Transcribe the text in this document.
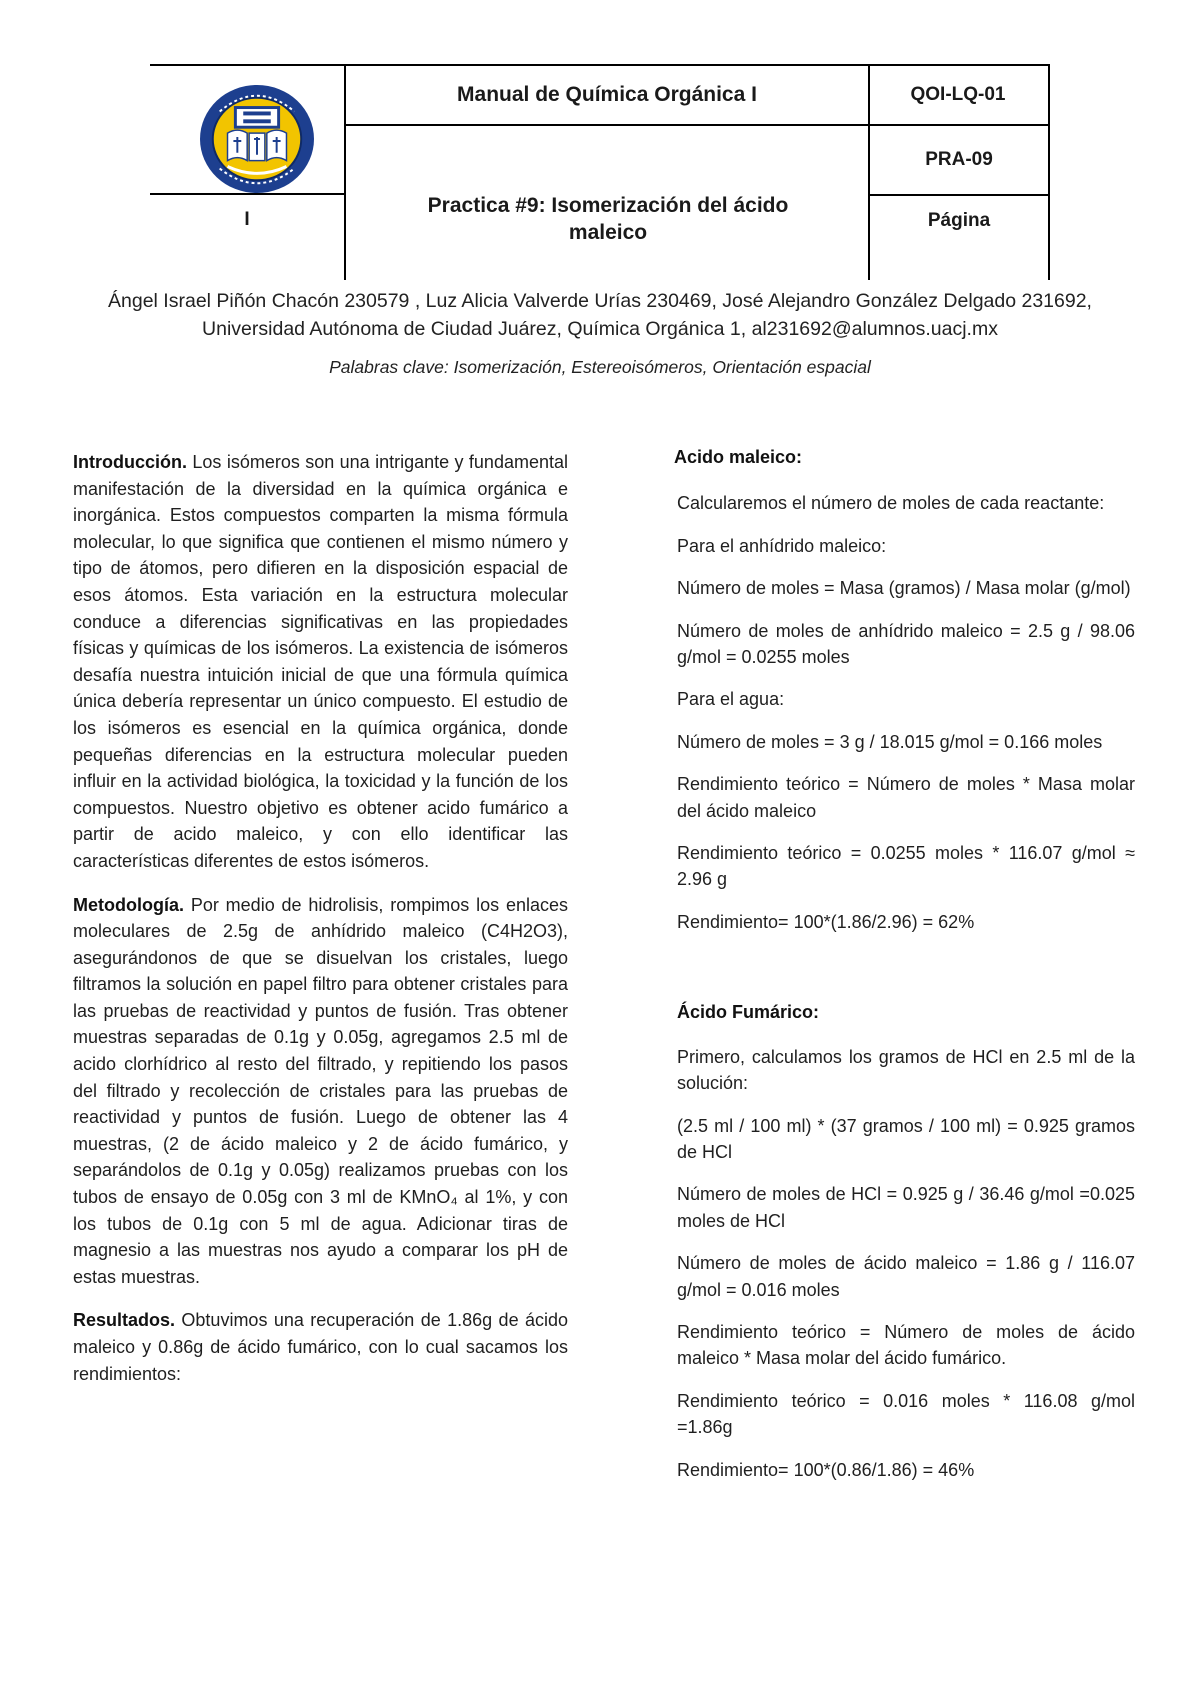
Manual de Química Orgánica I	QOI-LQ-01
I
Practica #9: Isomerización del ácido maleico
PRA-09
Página
Ángel Israel Piñón Chacón 230579 , Luz Alicia Valverde Urías 230469, José Alejandro González Delgado 231692, Universidad Autónoma de Ciudad Juárez, Química Orgánica 1, al231692@alumnos.uacj.mx
Palabras clave: Isomerización, Estereoisómeros, Orientación espacial

Introducción. Los isómeros son una intrigante y fundamental manifestación de la diversidad en la química orgánica e inorgánica. Estos compuestos comparten la misma fórmula molecular, lo que significa que contienen el mismo número y tipo de átomos, pero difieren en la disposición espacial de esos átomos. Esta variación en la estructura molecular conduce a diferencias significativas en las propiedades físicas y químicas de los isómeros. La existencia de isómeros desafía nuestra intuición inicial de que una fórmula química única debería representar un único compuesto. El estudio de los isómeros es esencial en la química orgánica, donde pequeñas diferencias en la estructura molecular pueden influir en la actividad biológica, la toxicidad y la función de los compuestos. Nuestro objetivo es obtener acido fumárico a partir de acido maleico, y con ello identificar las características diferentes de estos isómeros.

Metodología. Por medio de hidrolisis, rompimos los enlaces moleculares de 2.5g de anhídrido maleico (C4H2O3), asegurándonos de que se disuelvan los cristales, luego filtramos la solución en papel filtro para obtener cristales para las pruebas de reactividad y puntos de fusión. Tras obtener muestras separadas de 0.1g y 0.05g, agregamos 2.5 ml de acido clorhídrico al resto del filtrado, y repitiendo los pasos del filtrado y recolección de cristales para las pruebas de reactividad y puntos de fusión. Luego de obtener las 4 muestras, (2 de ácido maleico y 2 de ácido fumárico, y separándolos de 0.1g y 0.05g) realizamos pruebas con los tubos de ensayo de 0.05g con 3 ml de KMnO₄ al 1%, y con los tubos de 0.1g con 5 ml de agua. Adicionar tiras de magnesio a las muestras nos ayudo a comparar los pH de estas muestras.

Resultados. Obtuvimos una recuperación de 1.86g de ácido maleico y 0.86g de ácido fumárico, con lo cual sacamos los rendimientos:

Acido maleico:

Calcularemos el número de moles de cada reactante:

Para el anhídrido maleico:

Número de moles = Masa (gramos) / Masa molar (g/mol)

Número de moles de anhídrido maleico = 2.5 g / 98.06 g/mol = 0.0255 moles

Para el agua:

Número de moles = 3 g / 18.015 g/mol = 0.166 moles

Rendimiento teórico = Número de moles * Masa molar del ácido maleico

Rendimiento teórico = 0.0255 moles * 116.07 g/mol ≈ 2.96 g

Rendimiento= 100*(1.86/2.96) = 62%

Ácido Fumárico:

Primero, calculamos los gramos de HCl en 2.5 ml de la solución:

(2.5 ml / 100 ml) * (37 gramos / 100 ml) = 0.925 gramos de HCl

Número de moles de HCl = 0.925 g / 36.46 g/mol =0.025 moles de HCl

Número de moles de ácido maleico = 1.86 g / 116.07 g/mol = 0.016 moles

Rendimiento teórico = Número de moles de ácido maleico * Masa molar del ácido fumárico.

Rendimiento teórico = 0.016 moles * 116.08 g/mol =1.86g

Rendimiento= 100*(0.86/1.86) = 46%
